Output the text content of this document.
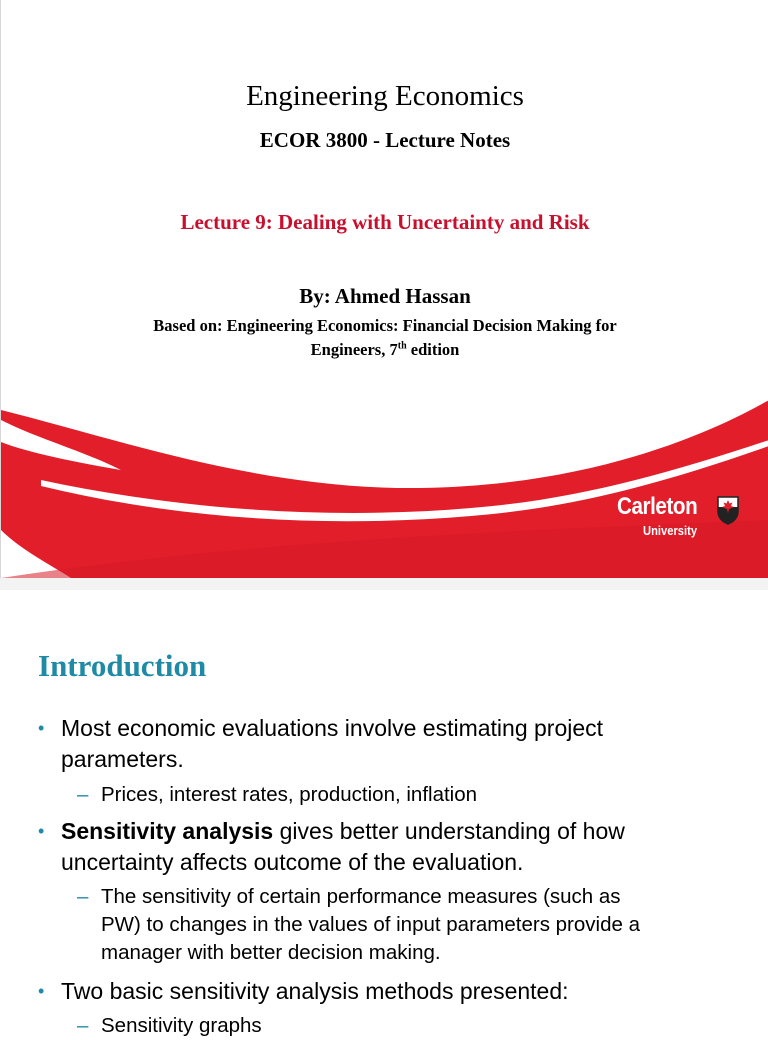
Engineering Economics
ECOR 3800 - Lecture Notes
Lecture 9: Dealing with Uncertainty and Risk
By: Ahmed Hassan
Based on: Engineering Economics: Financial Decision Making for
Engineers, 7th edition
Carleton
University
Introduction
• Most economic evaluations involve estimating project
parameters.
– Prices, interest rates, production, inflation
• Sensitivity analysis gives better understanding of how
uncertainty affects outcome of the evaluation.
– The sensitivity of certain performance measures (such as
PW) to changes in the values of input parameters provide a
manager with better decision making.
• Two basic sensitivity analysis methods presented:
– Sensitivity graphs
